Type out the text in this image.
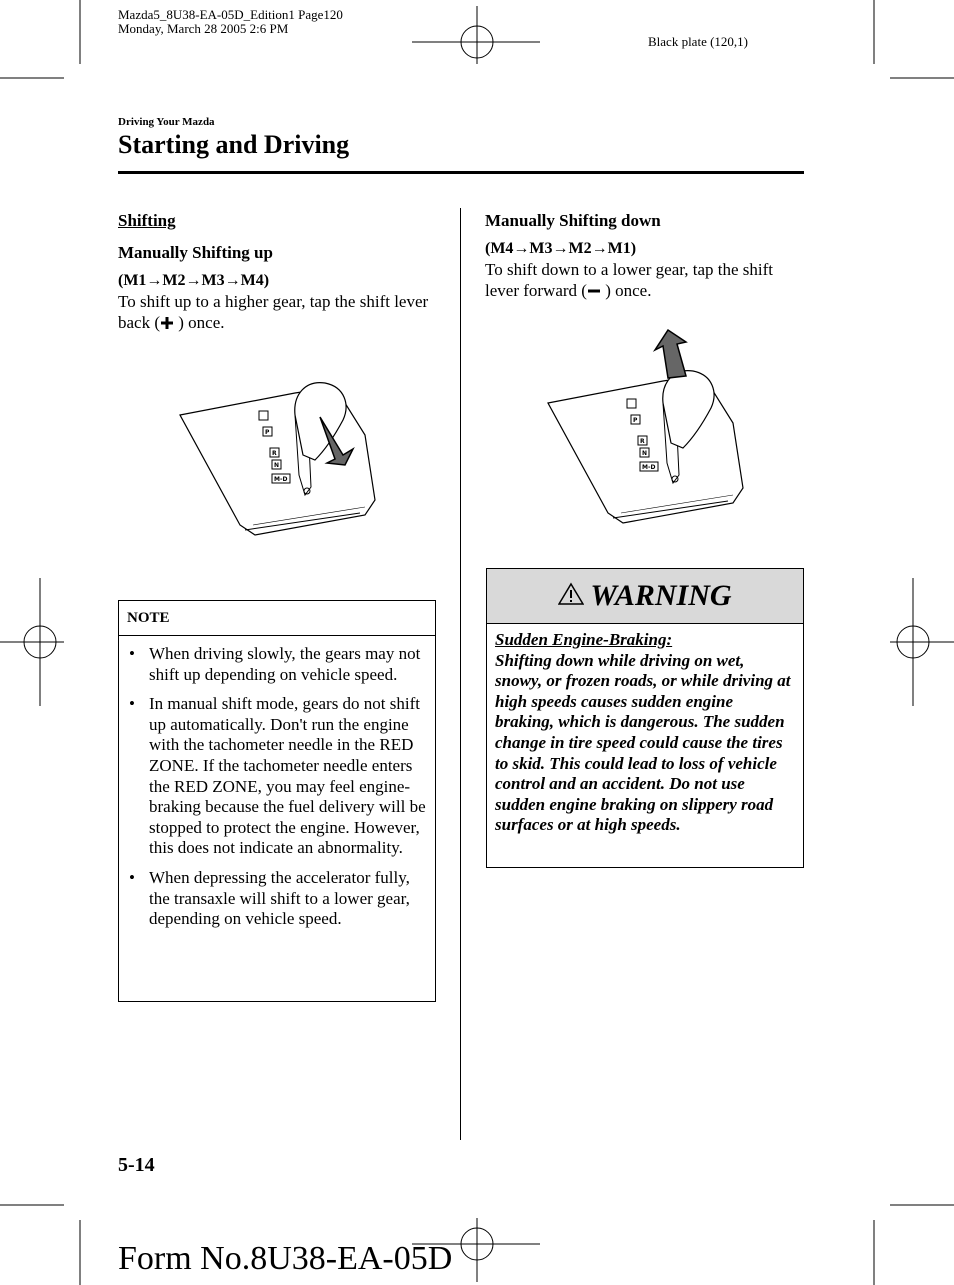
Mazda5_8U38-EA-05D_Edition1 Page120
Monday, March 28 2005 2:6 PM
Black plate (120,1)
Driving Your Mazda
Starting and Driving
Shifting
Manually Shifting up
(M1→M2→M3→M4)
To shift up to a higher gear, tap the shift lever back ( ) once.
P
R
N
M-D
NOTE
• When driving slowly, the gears may not shift up depending on vehicle speed.
• In manual shift mode, gears do not shift up automatically. Don't run the engine with the tachometer needle in the RED ZONE. If the tachometer needle enters the RED ZONE, you may feel engine-braking because the fuel delivery will be stopped to protect the engine. However, this does not indicate an abnormality.
• When depressing the accelerator fully, the transaxle will shift to a lower gear, depending on vehicle speed.
Manually Shifting down
(M4→M3→M2→M1)
To shift down to a lower gear, tap the shift lever forward ( ) once.
P
R
N
M-D
WARNING
Sudden Engine-Braking:
Shifting down while driving on wet, snowy, or frozen roads, or while driving at high speeds causes sudden engine braking, which is dangerous. The sudden change in tire speed could cause the tires to skid. This could lead to loss of vehicle control and an accident. Do not use sudden engine braking on slippery road surfaces or at high speeds.
5-14
Form No.8U38-EA-05D
